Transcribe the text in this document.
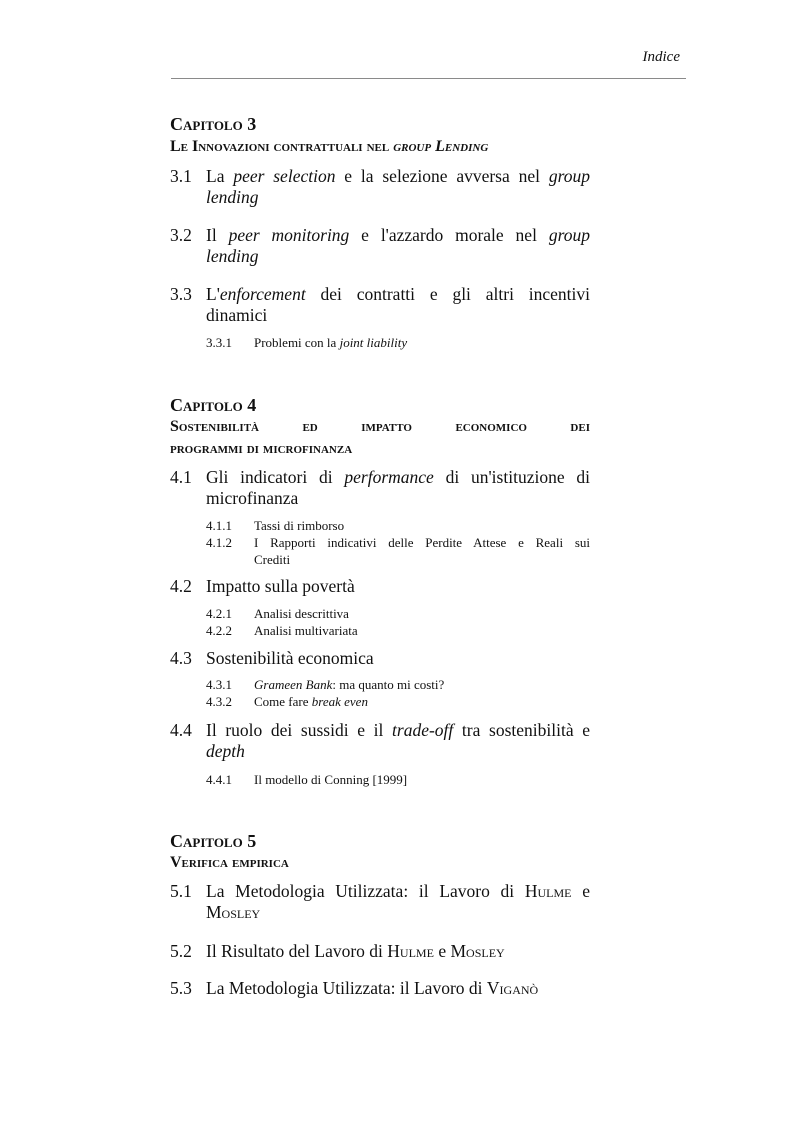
Indice
Capitolo 3
Le Innovazioni contrattuali nel group Lending
3.1 La peer selection e la selezione avversa nel group
lending
3.2 Il peer monitoring e l'azzardo morale nel group
lending
3.3 L'enforcement dei contratti e gli altri incentivi
dinamici
3.3.1 Problemi con la joint liability
Capitolo 4
Sostenibilità ed impatto economico dei
programmi di microfinanza
4.1 Gli indicatori di performance di un'istituzione di
microfinanza
4.1.1 Tassi di rimborso
4.1.2 I Rapporti indicativi delle Perdite Attese e Reali sui
Crediti
4.2 Impatto sulla povertà
4.2.1 Analisi descrittiva
4.2.2 Analisi multivariata
4.3 Sostenibilità economica
4.3.1 Grameen Bank: ma quanto mi costi?
4.3.2 Come fare break even
4.4 Il ruolo dei sussidi e il trade-off tra sostenibilità e
depth
4.4.1 Il modello di Conning [1999]
Capitolo 5
Verifica empirica
5.1 La Metodologia Utilizzata: il Lavoro di Hulme e
Mosley
5.2 Il Risultato del Lavoro di Hulme e Mosley
5.3 La Metodologia Utilizzata: il Lavoro di Viganò
